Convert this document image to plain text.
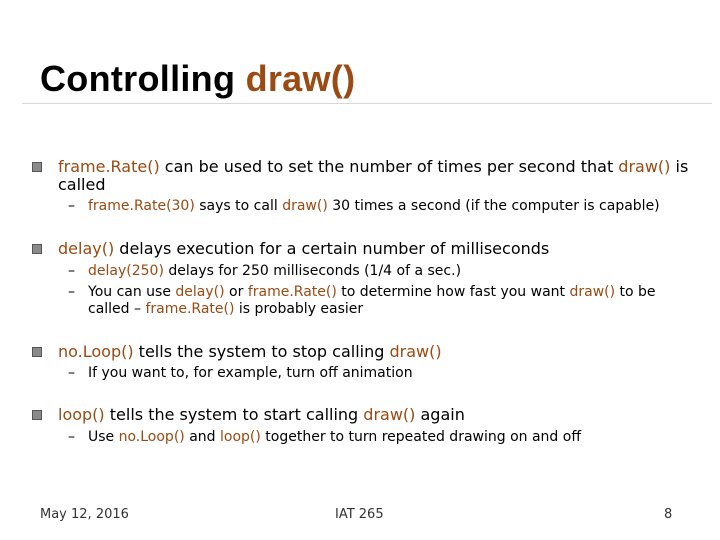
Controlling draw()
frame.Rate() can be used to set the number of times per second that draw() is
called
– frame.Rate(30) says to call draw() 30 times a second (if the computer is capable)
delay() delays execution for a certain number of milliseconds
– delay(250) delays for 250 milliseconds (1/4 of a sec.)
– You can use delay() or frame.Rate() to determine how fast you want draw() to be
called – frame.Rate() is probably easier
no.Loop() tells the system to stop calling draw()
– If you want to, for example, turn off animation
loop() tells the system to start calling draw() again
– Use no.Loop() and loop() together to turn repeated drawing on and off
May 12, 2016	IAT 265	8
